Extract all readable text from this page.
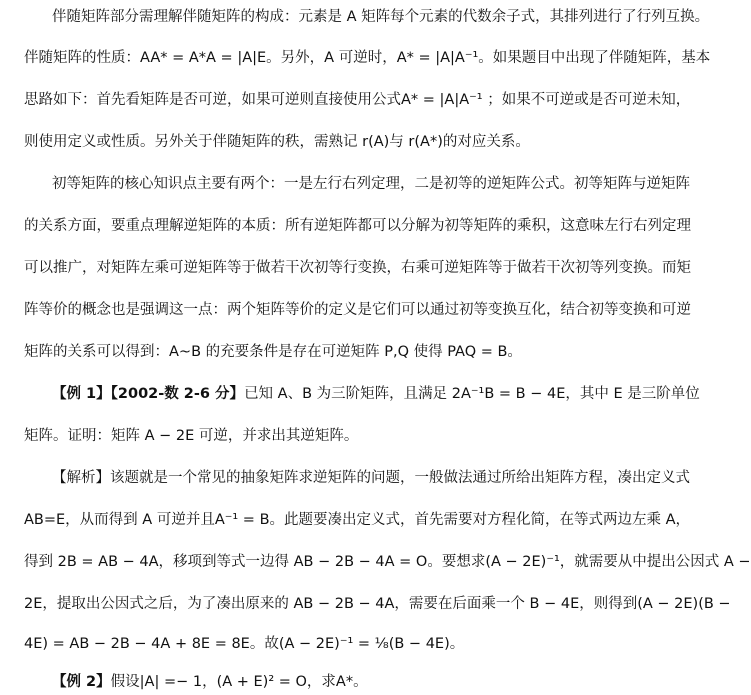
伴随矩阵部分需理解伴随矩阵的构成：元素是 A 矩阵每个元素的代数余子式，其排列进行了行列互换。
伴随矩阵的性质：AA* = A*A = |A|E。另外，A 可逆时，A* = |A|A⁻¹。如果题目中出现了伴随矩阵，基本
思路如下：首先看矩阵是否可逆，如果可逆则直接使用公式A* = |A|A⁻¹ ；如果不可逆或是否可逆未知，
则使用定义或性质。另外关于伴随矩阵的秩，需熟记 r(A)与 r(A*)的对应关系。
初等矩阵的核心知识点主要有两个：一是左行右列定理，二是初等的逆矩阵公式。初等矩阵与逆矩阵
的关系方面，要重点理解逆矩阵的本质：所有逆矩阵都可以分解为初等矩阵的乘积，这意味左行右列定理
可以推广，对矩阵左乘可逆矩阵等于做若干次初等行变换，右乘可逆矩阵等于做若干次初等列变换。而矩
阵等价的概念也是强调这一点：两个矩阵等价的定义是它们可以通过初等变换互化，结合初等变换和可逆
矩阵的关系可以得到：A~B 的充要条件是存在可逆矩阵 P,Q 使得 PAQ = B。
【例 1】【2002-数 2-6 分】已知 A、B 为三阶矩阵，且满足 2A⁻¹B = B − 4E，其中 E 是三阶单位
矩阵。证明：矩阵 A − 2E 可逆，并求出其逆矩阵。
【解析】该题就是一个常见的抽象矩阵求逆矩阵的问题，一般做法通过所给出矩阵方程，凑出定义式
AB=E，从而得到 A 可逆并且A⁻¹ = B。此题要凑出定义式，首先需要对方程化简，在等式两边左乘 A，
得到 2B = AB − 4A，移项到等式一边得 AB − 2B − 4A = O。要想求(A − 2E)⁻¹，就需要从中提出公因式 A −
2E，提取出公因式之后，为了凑出原来的 AB − 2B − 4A，需要在后面乘一个 B − 4E，则得到(A − 2E)(B −
4E) = AB − 2B − 4A + 8E = 8E。故(A − 2E)⁻¹ = ⅛(B − 4E)。
【例 2】假设|A| =− 1，(A + E)² = O，求A*。
